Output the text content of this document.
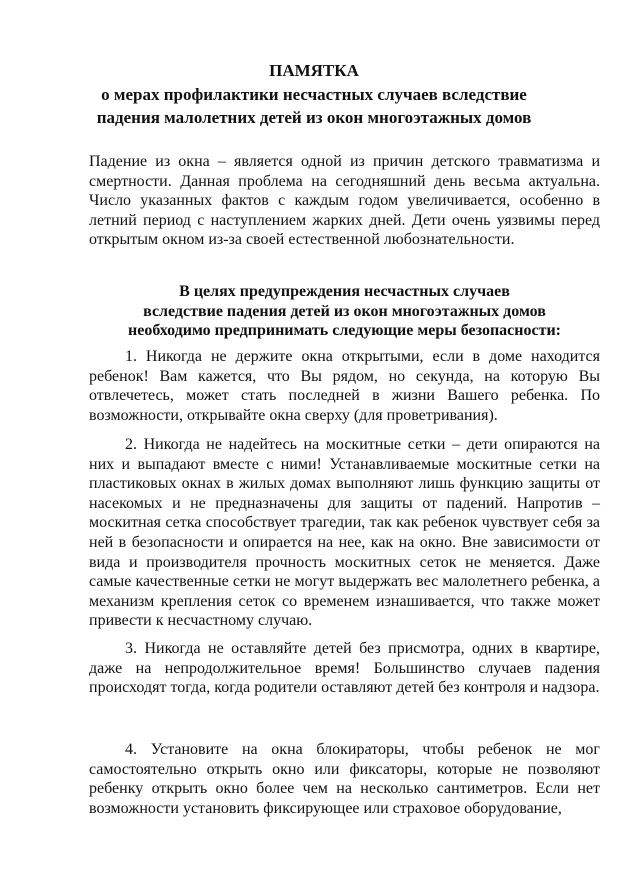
ПАМЯТКА
о мерах профилактики несчастных случаев вследствие
падения малолетних детей из окон многоэтажных домов

Падение из окна – является одной из причин детского травматизма и смертности. Данная проблема на сегодняшний день весьма актуальна. Число указанных фактов с каждым годом увеличивается, особенно в летний период с наступлением жарких дней. Дети очень уязвимы перед открытым окном из-за своей естественной любознательности.

В целях предупреждения несчастных случаев
вследствие падения детей из окон многоэтажных домов
необходимо предпринимать следующие меры безопасности:

1. Никогда не держите окна открытыми, если в доме находится ребенок! Вам кажется, что Вы рядом, но секунда, на которую Вы отвлечетесь, может стать последней в жизни Вашего ребенка. По возможности, открывайте окна сверху (для проветривания).

2. Никогда не надейтесь на москитные сетки – дети опираются на них и выпадают вместе с ними! Устанавливаемые москитные сетки на пластиковых окнах в жилых домах выполняют лишь функцию защиты от насекомых и не предназначены для защиты от падений. Напротив – москитная сетка способствует трагедии, так как ребенок чувствует себя за ней в безопасности и опирается на нее, как на окно. Вне зависимости от вида и производителя прочность москитных сеток не меняется. Даже самые качественные сетки не могут выдержать вес малолетнего ребенка, а механизм крепления сеток со временем изнашивается, что также может привести к несчастному случаю.

3. Никогда не оставляйте детей без присмотра, одних в квартире, даже на непродолжительное время! Большинство случаев падения происходят тогда, когда родители оставляют детей без контроля и надзора.

4. Установите на окна блокираторы, чтобы ребенок не мог самостоятельно открыть окно или фиксаторы, которые не позволяют ребенку открыть окно более чем на несколько сантиметров. Если нет возможности установить фиксирующее или страховое оборудование,
